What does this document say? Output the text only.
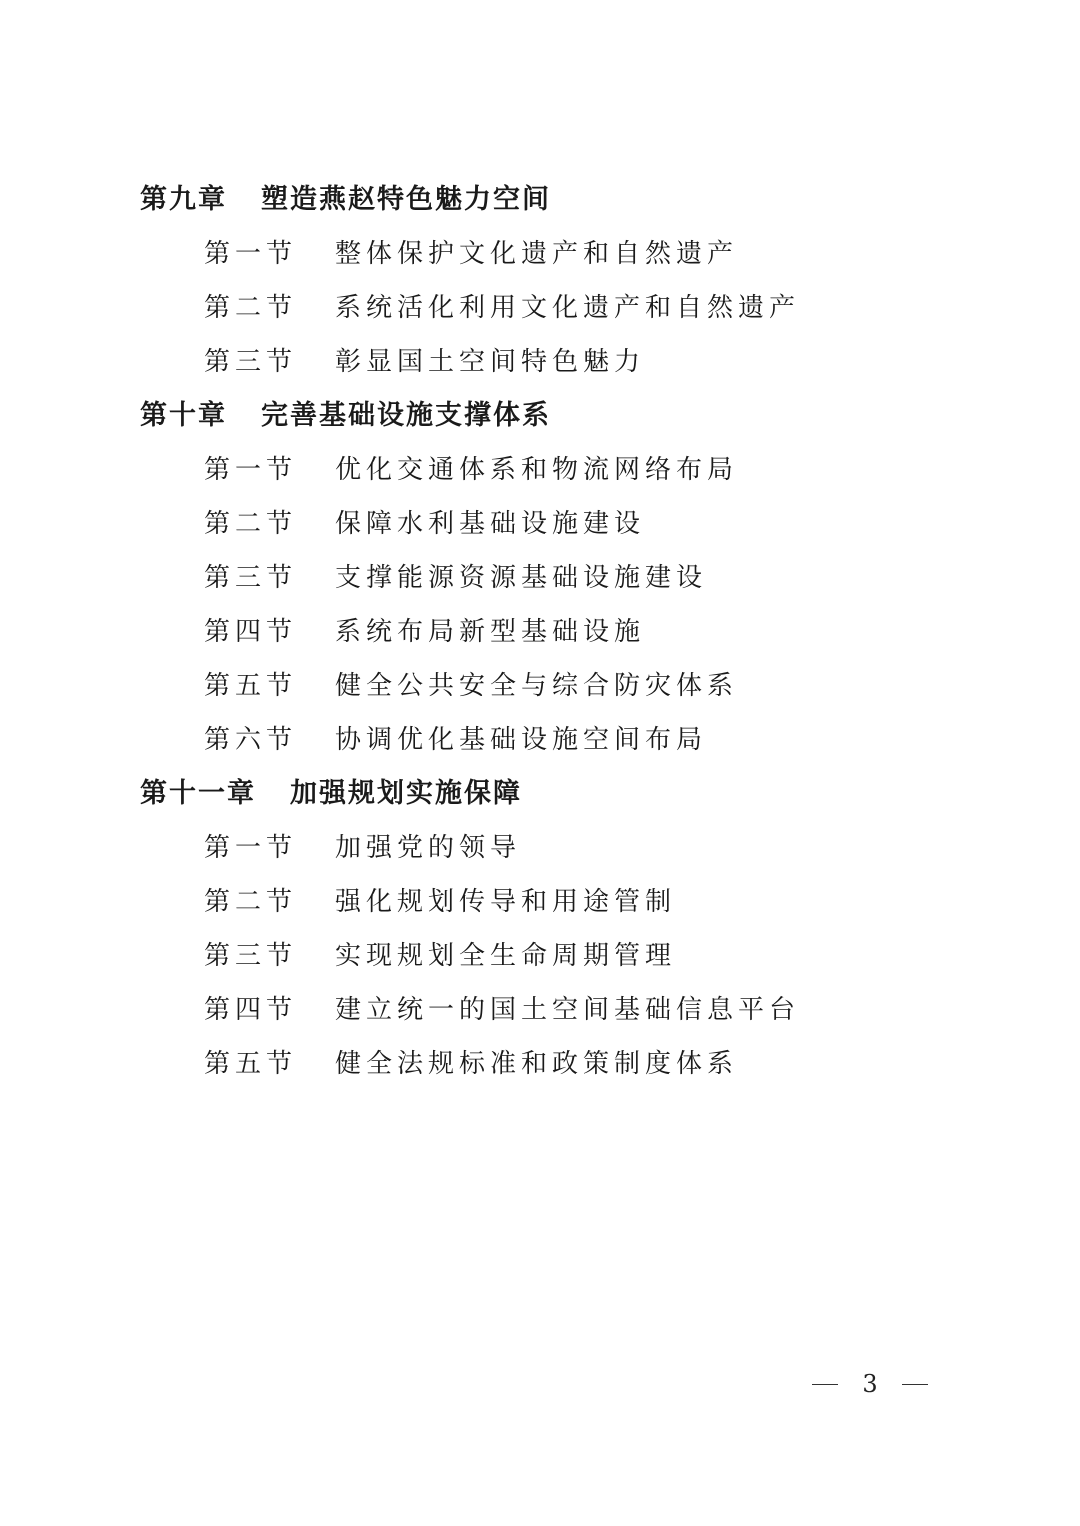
第九章 塑造燕赵特色魅力空间
第一节 整体保护文化遗产和自然遗产
第二节 系统活化利用文化遗产和自然遗产
第三节 彰显国土空间特色魅力
第十章 完善基础设施支撑体系
第一节 优化交通体系和物流网络布局
第二节 保障水利基础设施建设
第三节 支撑能源资源基础设施建设
第四节 系统布局新型基础设施
第五节 健全公共安全与综合防灾体系
第六节 协调优化基础设施空间布局
第十一章 加强规划实施保障
第一节 加强党的领导
第二节 强化规划传导和用途管制
第三节 实现规划全生命周期管理
第四节 建立统一的国土空间基础信息平台
第五节 健全法规标准和政策制度体系
3
